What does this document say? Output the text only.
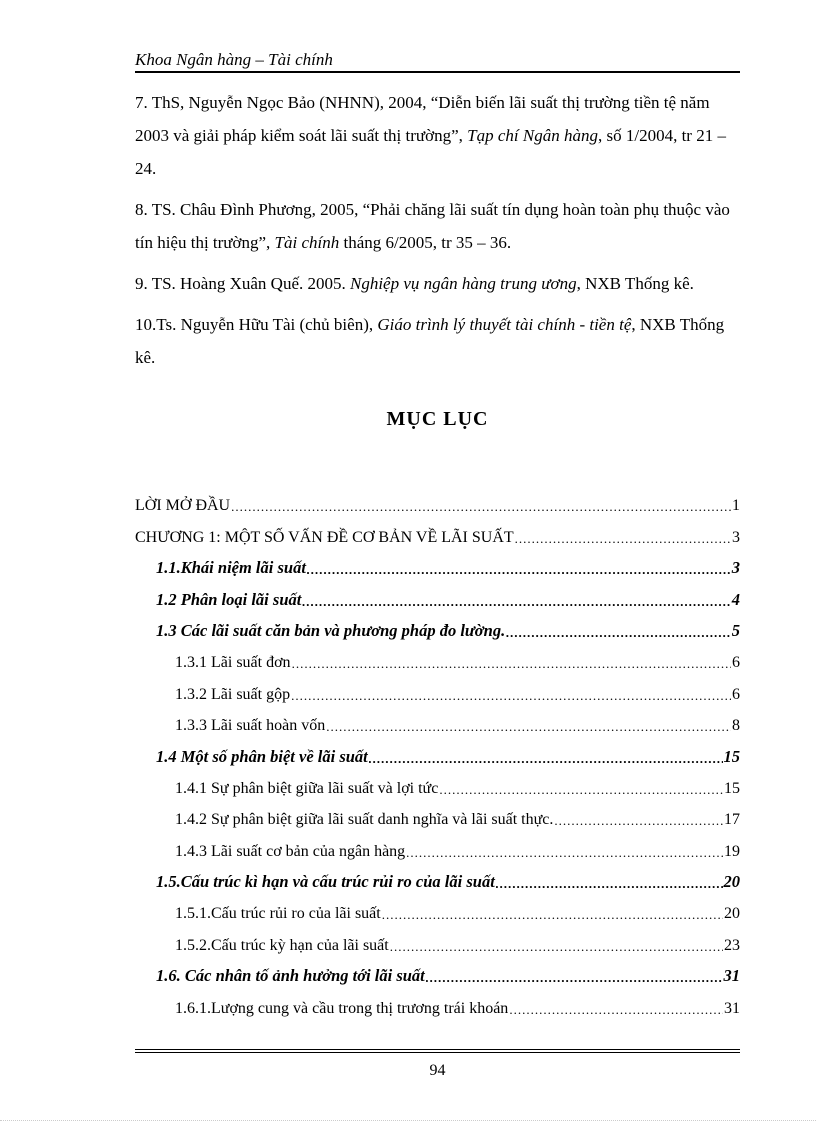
Khoa Ngân hàng – Tài chính

7. ThS, Nguyễn Ngọc Bảo (NHNN), 2004, “Diễn biến lãi suất thị trường tiền tệ năm 2003 và giải pháp kiểm soát lãi suất thị trường”, Tạp chí Ngân hàng, số 1/2004, tr 21 – 24.

8. TS. Châu Đình Phương, 2005, “Phải chăng lãi suất tín dụng hoàn toàn phụ thuộc vào tín hiệu thị trường”, Tài chính tháng 6/2005, tr 35 – 36.

9. TS. Hoàng Xuân Quế. 2005. Nghiệp vụ ngân hàng trung ương, NXB Thống kê.

10.Ts. Nguyễn Hữu Tài (chủ biên), Giáo trình lý thuyết tài chính - tiền tệ, NXB Thống kê.

MỤC LỤC
LỜI MỞ ĐẦU .....	1
CHƯƠNG 1: MỘT SỐ VẤN ĐỀ CƠ BẢN VỀ LÃI SUẤT .....	3
1.1.Khái niệm lãi suất .....	3
1.2 Phân loại lãi suất .....	4
1.3 Các lãi suất căn bản và phương pháp đo lường. .....	5
1.3.1 Lãi suất đơn .....	6
1.3.2 Lãi suất gộp .....	6
1.3.3 Lãi suất hoàn vốn .....	8
1.4 Một số phân biệt về lãi suất .....	15
1.4.1 Sự phân biệt giữa lãi suất và lợi tức .....	15
1.4.2 Sự phân biệt giữa lãi suất danh nghĩa và lãi suất thực. .....	17
1.4.3 Lãi suất cơ bản của ngân hàng .....	19
1.5.Cấu trúc kì hạn và cấu trúc rủi ro của lãi suất .....	20
1.5.1.Cấu trúc rủi ro của lãi suất .....	20
1.5.2.Cấu trúc kỳ hạn của lãi suất .....	23
1.6. Các nhân tố ảnh hưởng tới lãi suất .....	31
1.6.1.Lượng cung và cầu trong thị trương trái khoán .....	31
94
